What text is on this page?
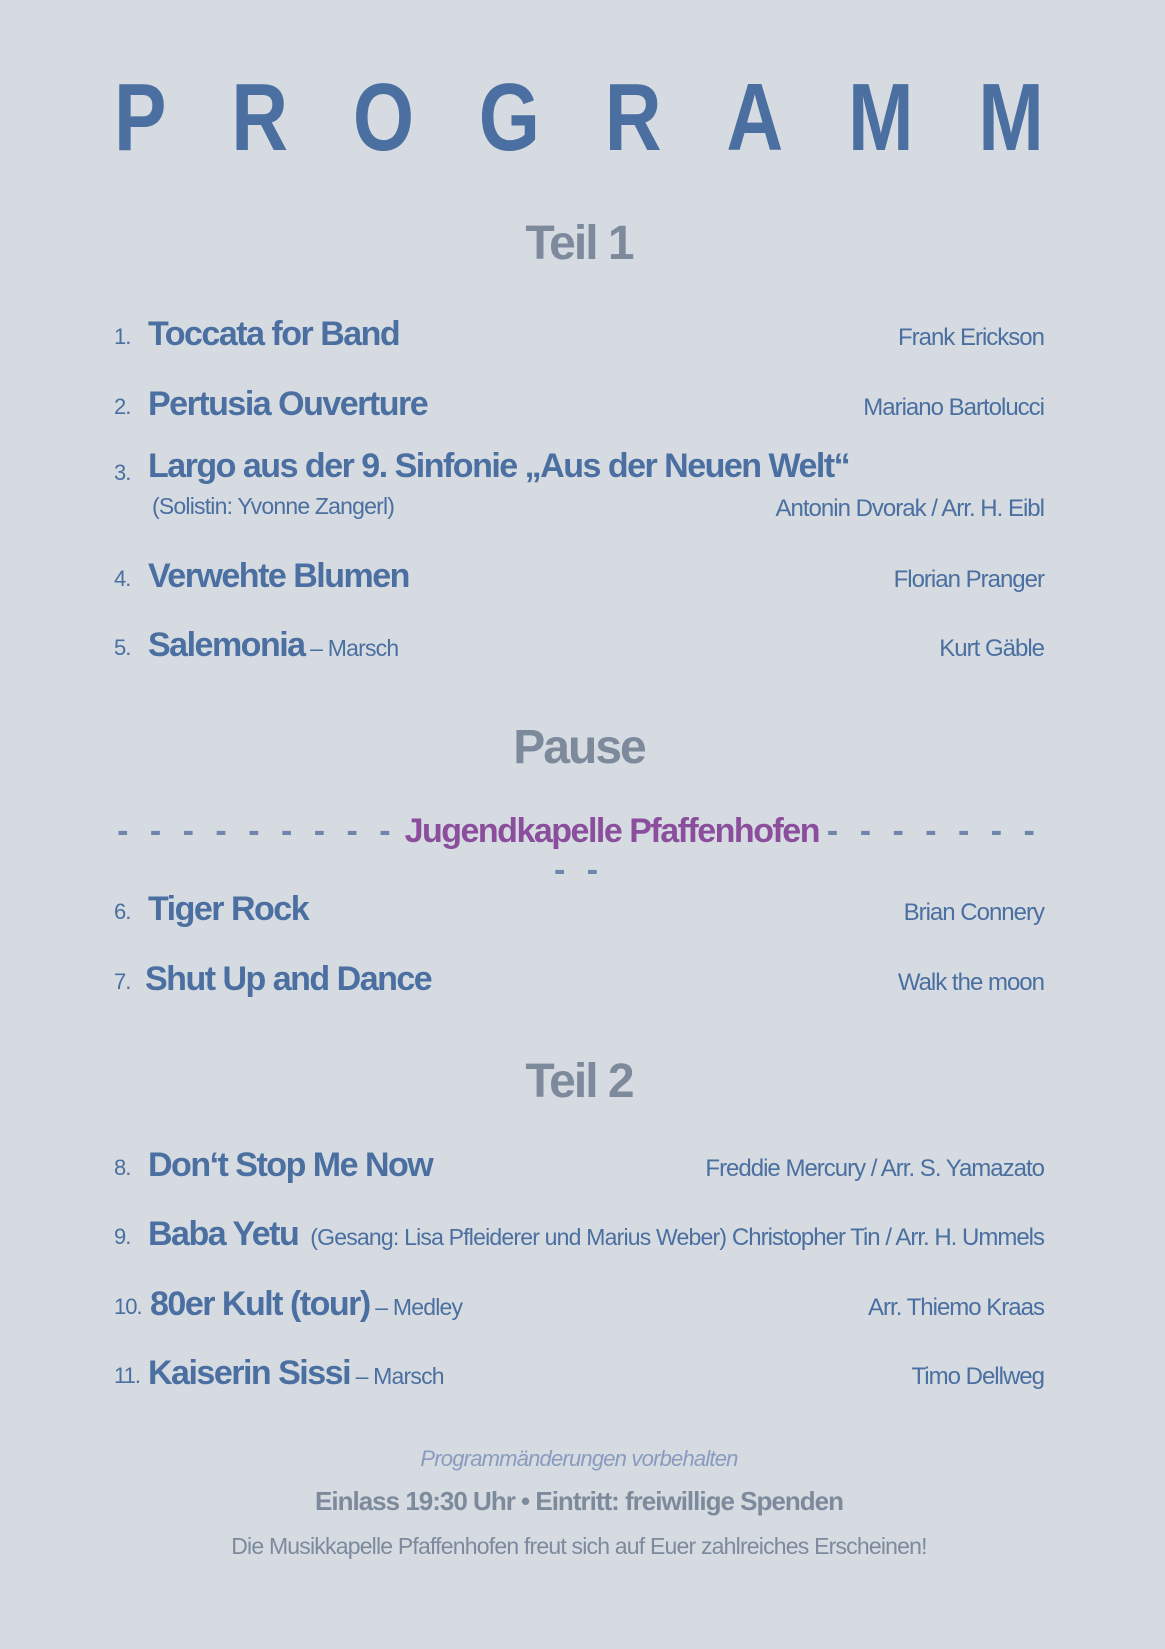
P R O G R A M M
Teil 1
1. Toccata for Band	Frank Erickson
2. Pertusia Ouverture	Mariano Bartolucci
3. Largo aus der 9. Sinfonie „Aus der Neuen Welt“
(Solistin: Yvonne Zangerl)	Antonin Dvorak / Arr. H. Eibl
4. Verwehte Blumen	Florian Pranger
5. Salemonia – Marsch	Kurt Gäble
Pause
- - - - - - - - - Jugendkapelle Pfaffenhofen - - - - - - - - -
6. Tiger Rock	Brian Connery
7. Shut Up and Dance	Walk the moon
Teil 2
8. Don‘t Stop Me Now	Freddie Mercury / Arr. S. Yamazato
9. Baba Yetu (Gesang: Lisa Pfleiderer und Marius Weber) Christopher Tin / Arr. H. Ummels
10. 80er Kult (tour) – Medley	Arr. Thiemo Kraas
11. Kaiserin Sissi – Marsch	Timo Dellweg
Programmänderungen vorbehalten
Einlass 19:30 Uhr • Eintritt: freiwillige Spenden
Die Musikkapelle Pfaffenhofen freut sich auf Euer zahlreiches Erscheinen!
